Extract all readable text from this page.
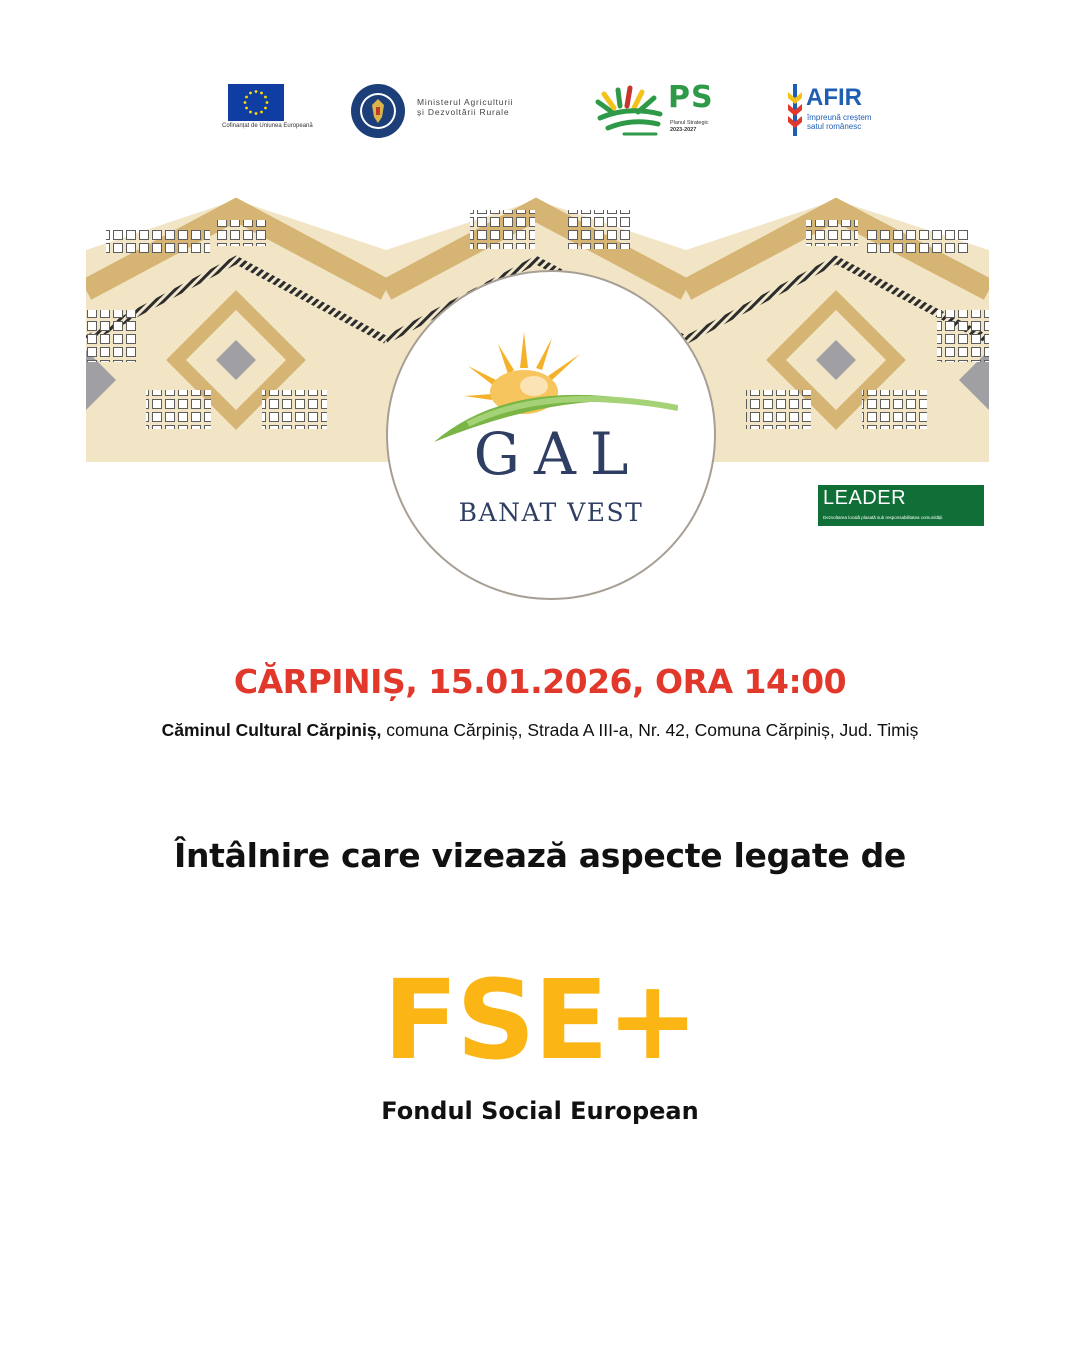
Cofinanțat de Uniunea Europeană
Ministerul Agriculturii
și Dezvoltării Rurale	PS
Planul Strategic
2023-2027
AFIR
împreună creștem
satul românesc
GAL
BANAT VEST	LEADER
Dezvoltarea locală plasată sub responsabilitatea comunității
CĂRPINIȘ, 15.01.2026, ORA 14:00
Căminul Cultural Cărpiniș, comuna Cărpiniș, Strada A III-a, Nr. 42, Comuna Cărpiniș, Jud. Timiș
Întâlnire care vizează aspecte legate de
FSE+
Fondul Social European
